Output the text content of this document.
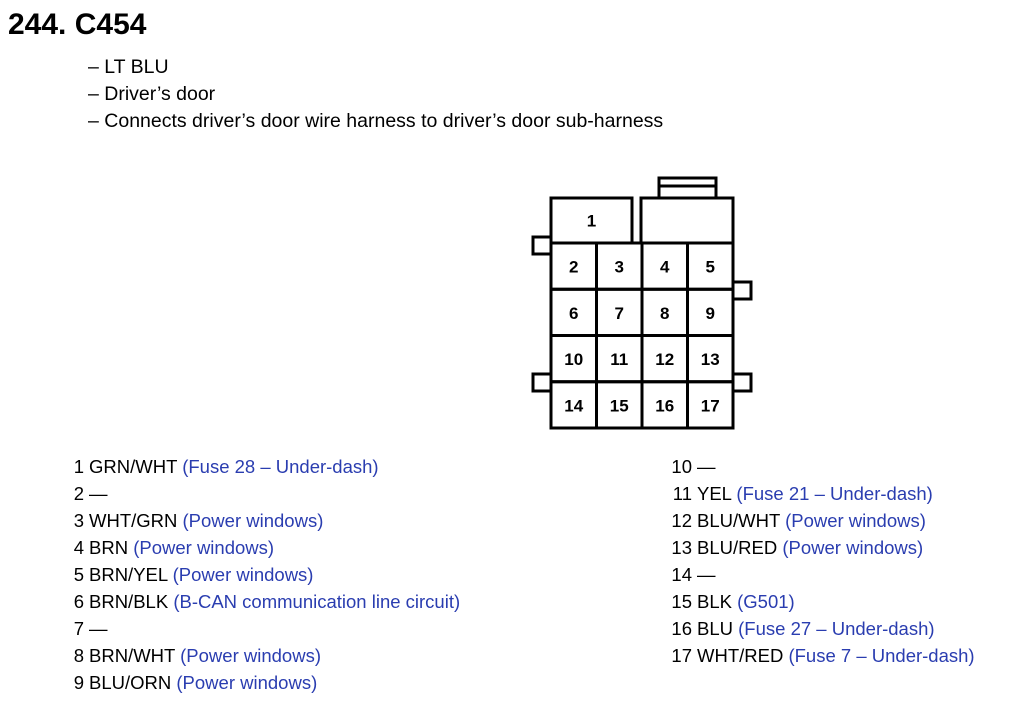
244. C454
– LT BLU
– Driver’s door
– Connects driver’s door wire harness to driver’s door sub-harness
1
2 3 4 5
6 7 8 9
10 11 12 13
14 15 16 17
1 GRN/WHT (Fuse 28 – Under-dash)
2 —
3 WHT/GRN (Power windows)
4 BRN (Power windows)
5 BRN/YEL (Power windows)
6 BRN/BLK (B-CAN communication line circuit)
7 —
8 BRN/WHT (Power windows)
9 BLU/ORN (Power windows)
10 —
11 YEL (Fuse 21 – Under-dash)
12 BLU/WHT (Power windows)
13 BLU/RED (Power windows)
14 —
15 BLK (G501)
16 BLU (Fuse 27 – Under-dash)
17 WHT/RED (Fuse 7 – Under-dash)
